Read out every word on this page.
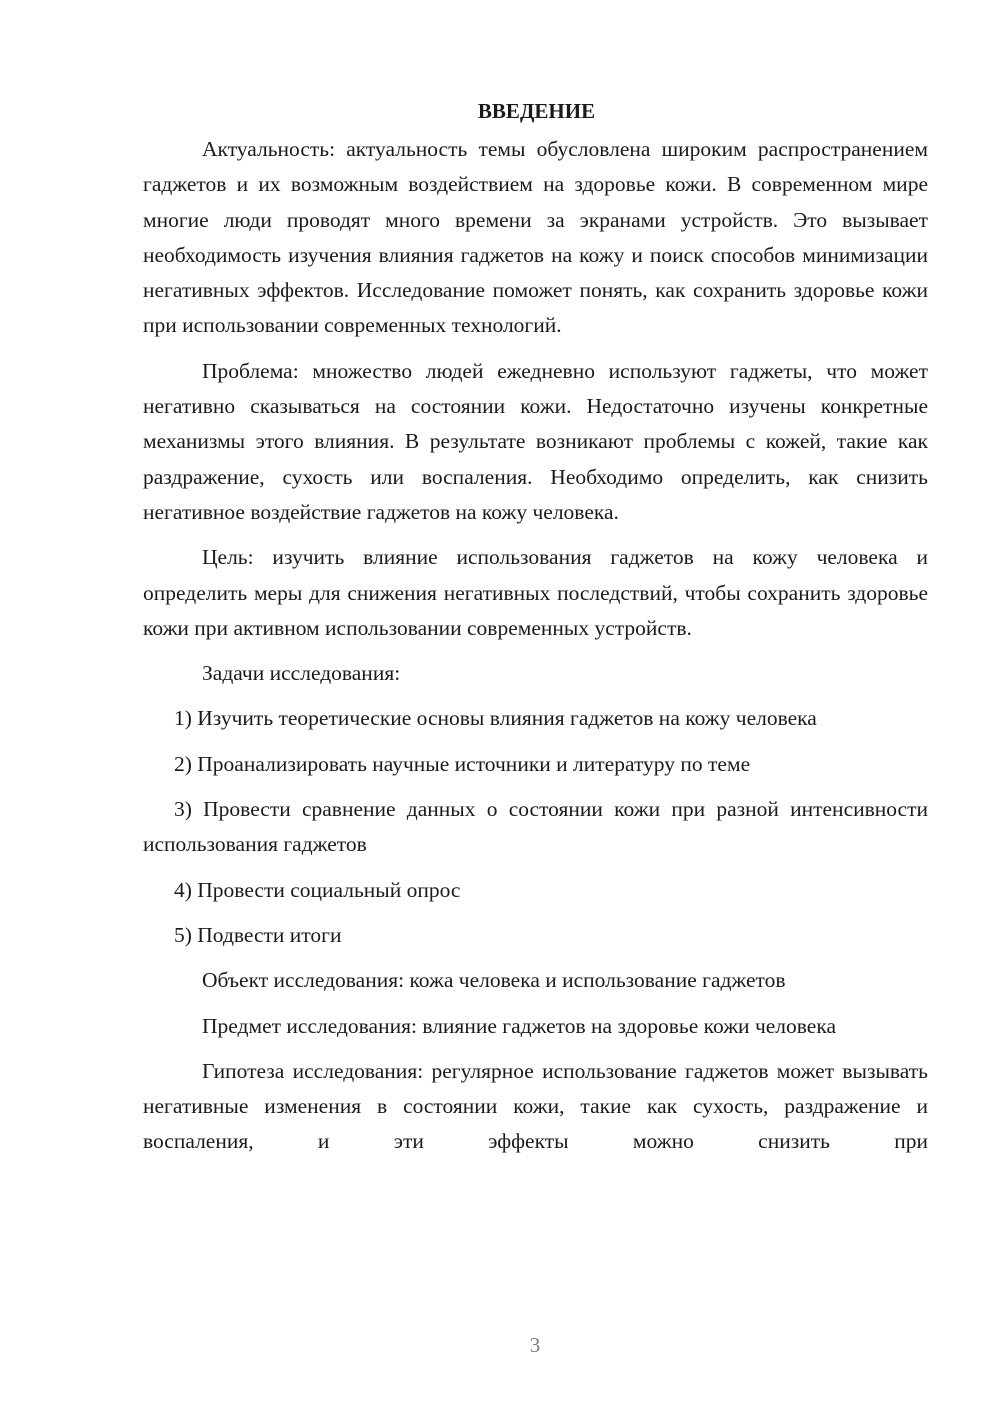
ВВЕДЕНИЕ

Актуальность: актуальность темы обусловлена широким распространением гаджетов и их возможным воздействием на здоровье кожи. В современном мире многие люди проводят много времени за экранами устройств. Это вызывает необходимость изучения влияния гаджетов на кожу и поиск способов минимизации негативных эффектов. Исследование поможет понять, как сохранить здоровье кожи при использовании современных технологий.

Проблема: множество людей ежедневно используют гаджеты, что может негативно сказываться на состоянии кожи. Недостаточно изучены конкретные механизмы этого влияния. В результате возникают проблемы с кожей, такие как раздражение, сухость или воспаления. Необходимо определить, как снизить негативное воздействие гаджетов на кожу человека.

Цель: изучить влияние использования гаджетов на кожу человека и определить меры для снижения негативных последствий, чтобы сохранить здоровье кожи при активном использовании современных устройств.

Задачи исследования:

1) Изучить теоретические основы влияния гаджетов на кожу человека

2) Проанализировать научные источники и литературу по теме

3) Провести сравнение данных о состоянии кожи при разной интенсивности использования гаджетов

4) Провести социальный опрос

5) Подвести итоги

Объект исследования: кожа человека и использование гаджетов

Предмет исследования: влияние гаджетов на здоровье кожи человека

Гипотеза исследования: регулярное использование гаджетов может вызывать негативные изменения в состоянии кожи, такие как сухость, раздражение и воспаления, и эти эффекты можно снизить при

3
